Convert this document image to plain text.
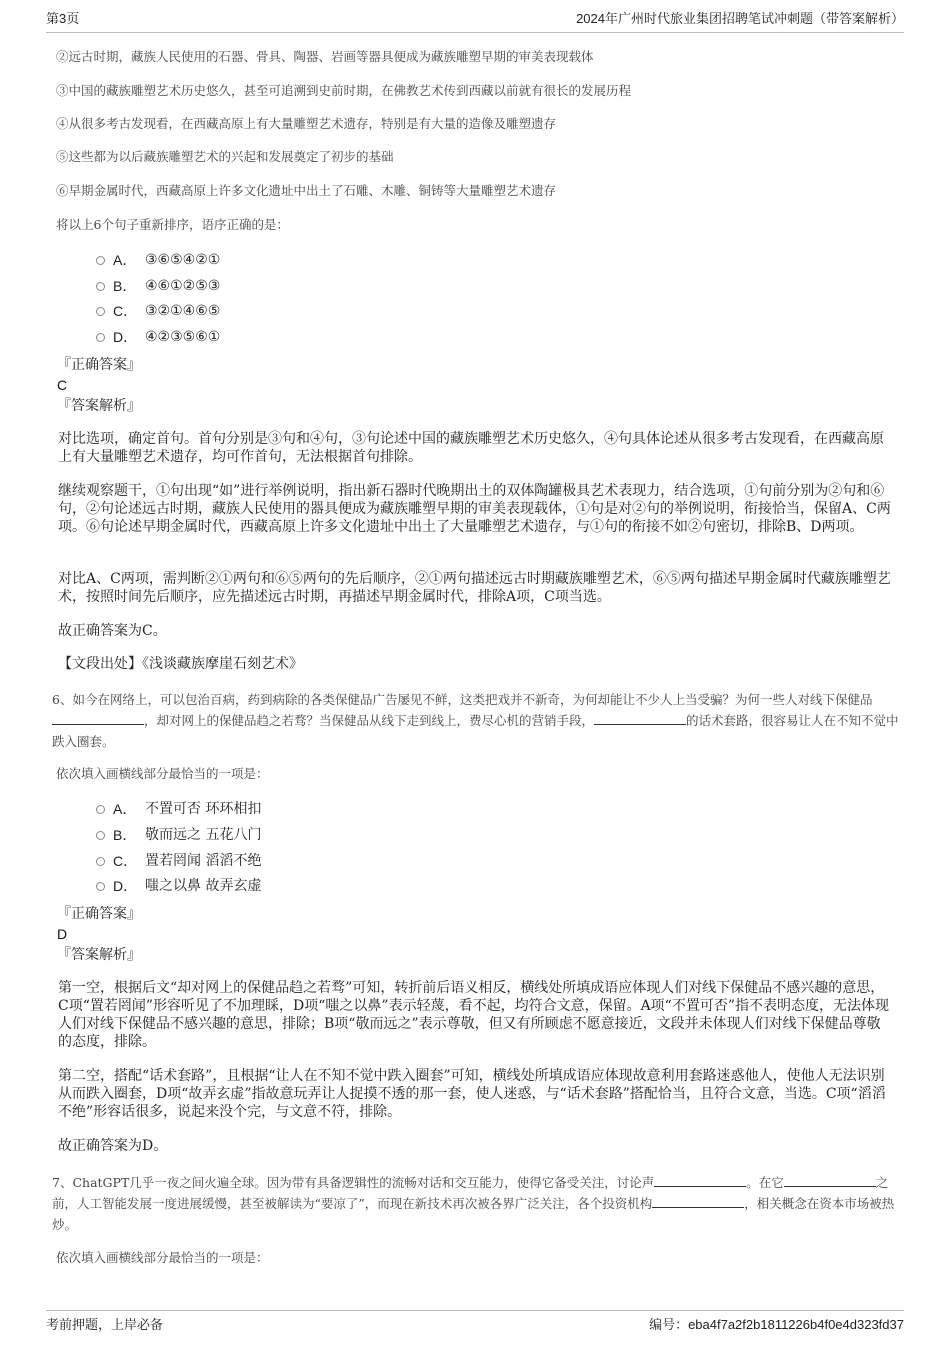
第3页	2024年广州时代旅业集团招聘笔试冲刺题（带答案解析）
②远古时期，藏族人民使用的石器、骨具、陶器、岩画等器具便成为藏族雕塑早期的审美表现载体
③中国的藏族雕塑艺术历史悠久，甚至可追溯到史前时期，在佛教艺术传到西藏以前就有很长的发展历程
④从很多考古发现看，在西藏高原上有大量雕塑艺术遗存，特别是有大量的造像及雕塑遗存
⑤这些都为以后藏族雕塑艺术的兴起和发展奠定了初步的基础
⑥早期金属时代，西藏高原上许多文化遗址中出土了石雕、木雕、铜铸等大量雕塑艺术遗存
将以上6个句子重新排序，语序正确的是：
A． ③⑥⑤④②①
B． ④⑥①②⑤③
C． ③②①④⑥⑤
D． ④②③⑤⑥①
『正确答案』
C
『答案解析』
对比选项，确定首句。首句分别是③句和④句，③句论述中国的藏族雕塑艺术历史悠久，④句具体论述从很多考古发现看，在西藏高原上有大量雕塑艺术遗存，均可作首句，无法根据首句排除。
继续观察题干，①句出现“如”进行举例说明，指出新石器时代晚期出土的双体陶罐极具艺术表现力，结合选项，①句前分别为②句和⑥句，②句论述远古时期，藏族人民使用的器具便成为藏族雕塑早期的审美表现载体，①句是对②句的举例说明，衔接恰当，保留A、C两项。⑥句论述早期金属时代，西藏高原上许多文化遗址中出土了大量雕塑艺术遗存，与①句的衔接不如②句密切，排除B、D两项。
对比A、C两项，需判断②①两句和⑥⑤两句的先后顺序，②①两句描述远古时期藏族雕塑艺术，⑥⑤两句描述早期金属时代藏族雕塑艺术，按照时间先后顺序，应先描述远古时期，再描述早期金属时代，排除A项，C项当选。
故正确答案为C。
【文段出处】《浅谈藏族摩崖石刻艺术》
6、如今在网络上，可以包治百病，药到病除的各类保健品广告屡见不鲜，这类把戏并不新奇，为何却能让不少人上当受骗？为何一些人对线下保健品，却对网上的保健品趋之若骛？当保健品从线下走到线上，费尽心机的营销手段，	的话术套路，很容易让人在不知不觉中跌入圈套。
依次填入画横线部分最恰当的一项是：
A． 不置可否 环环相扣
B． 敬而远之 五花八门
C． 置若罔闻 滔滔不绝
D． 嗤之以鼻 故弄玄虚
『正确答案』
D
『答案解析』
第一空，根据后文“却对网上的保健品趋之若骛”可知，转折前后语义相反，横线处所填成语应体现人们对线下保健品不感兴趣的意思，C项“置若罔闻”形容听见了不加理睬，D项“嗤之以鼻”表示轻蔑，看不起，均符合文意，保留。A项“不置可否”指不表明态度，无法体现人们对线下保健品不感兴趣的意思，排除；B项“敬而远之”表示尊敬，但又有所顾虑不愿意接近，文段并未体现人们对线下保健品尊敬的态度，排除。
第二空，搭配“话术套路”，且根据“让人在不知不觉中跌入圈套”可知，横线处所填成语应体现故意利用套路迷惑他人，使他人无法识别从而跌入圈套，D项“故弄玄虚”指故意玩弄让人捉摸不透的那一套，使人迷惑，与“话术套路”搭配恰当，且符合文意，当选。C项“滔滔不绝”形容话很多，说起来没个完，与文意不符，排除。
故正确答案为D。
7、ChatGPT几乎一夜之间火遍全球。因为带有具备逻辑性的流畅对话和交互能力，使得它备受关注，讨论声	。在它	之前，人工智能发展一度进展缓慢，甚至被解读为“要凉了”，而现在新技术再次被各界广泛关注，各个投资机构	，相关概念在资本市场被热炒。
依次填入画横线部分最恰当的一项是：
考前押题，上岸必备	编号：eba4f7a2f2b1811226b4f0e4d323fd37
